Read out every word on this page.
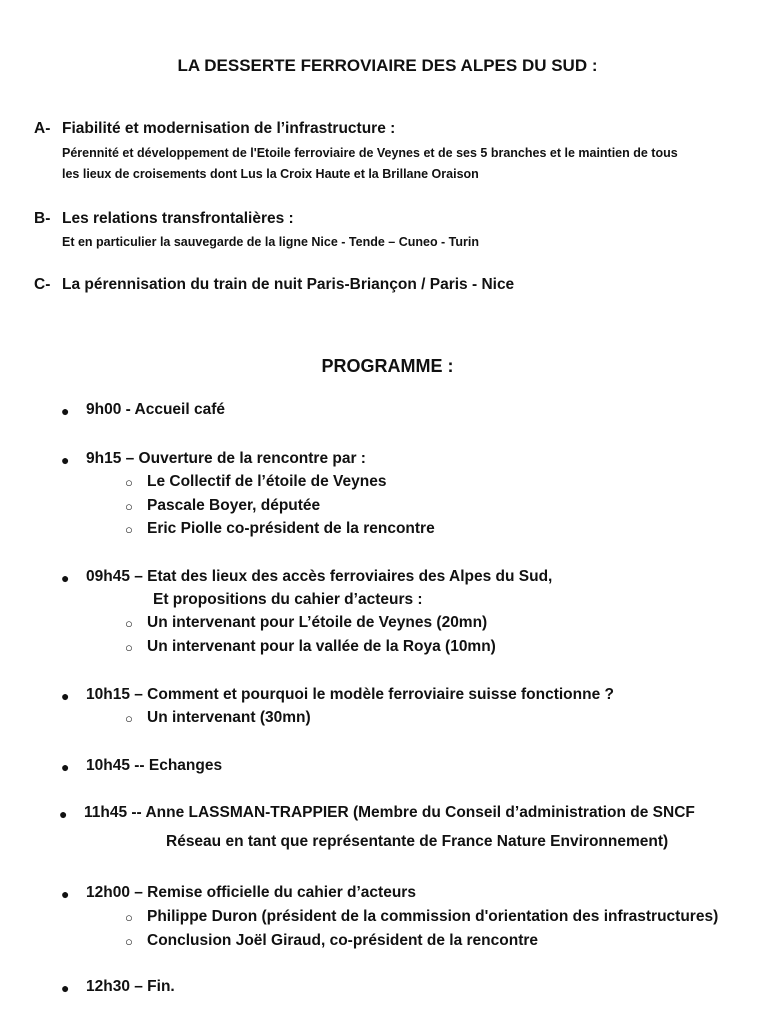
LA DESSERTE FERROVIAIRE DES ALPES DU SUD :
A- Fiabilité et modernisation de l’infrastructure :
Pérennité et développement de l'Etoile ferroviaire de Veynes et de ses 5 branches et le maintien de tous
les lieux de croisements dont Lus la Croix Haute et la Brillane Oraison
B- Les relations transfrontalières :
Et en particulier la sauvegarde de la ligne Nice - Tende – Cuneo - Turin
C- La pérennisation du train de nuit Paris-Briançon / Paris - Nice
PROGRAMME :
● 9h00 - Accueil café
● 9h15 – Ouverture de la rencontre par :
○ Le Collectif de l’étoile de Veynes
○ Pascale Boyer, députée
○ Eric Piolle co-président de la rencontre
● 09h45 – Etat des lieux des accès ferroviaires des Alpes du Sud,
Et propositions du cahier d’acteurs :
○ Un intervenant pour L’étoile de Veynes (20mn)
○ Un intervenant pour la vallée de la Roya (10mn)
● 10h15 – Comment et pourquoi le modèle ferroviaire suisse fonctionne ?
○ Un intervenant (30mn)
● 10h45 -- Echanges
● 11h45 -- Anne LASSMAN-TRAPPIER (Membre du Conseil d’administration de SNCF
Réseau en tant que représentante de France Nature Environnement)
● 12h00 – Remise officielle du cahier d’acteurs
○ Philippe Duron (président de la commission d'orientation des infrastructures)
○ Conclusion Joël Giraud, co-président de la rencontre
● 12h30 – Fin.
